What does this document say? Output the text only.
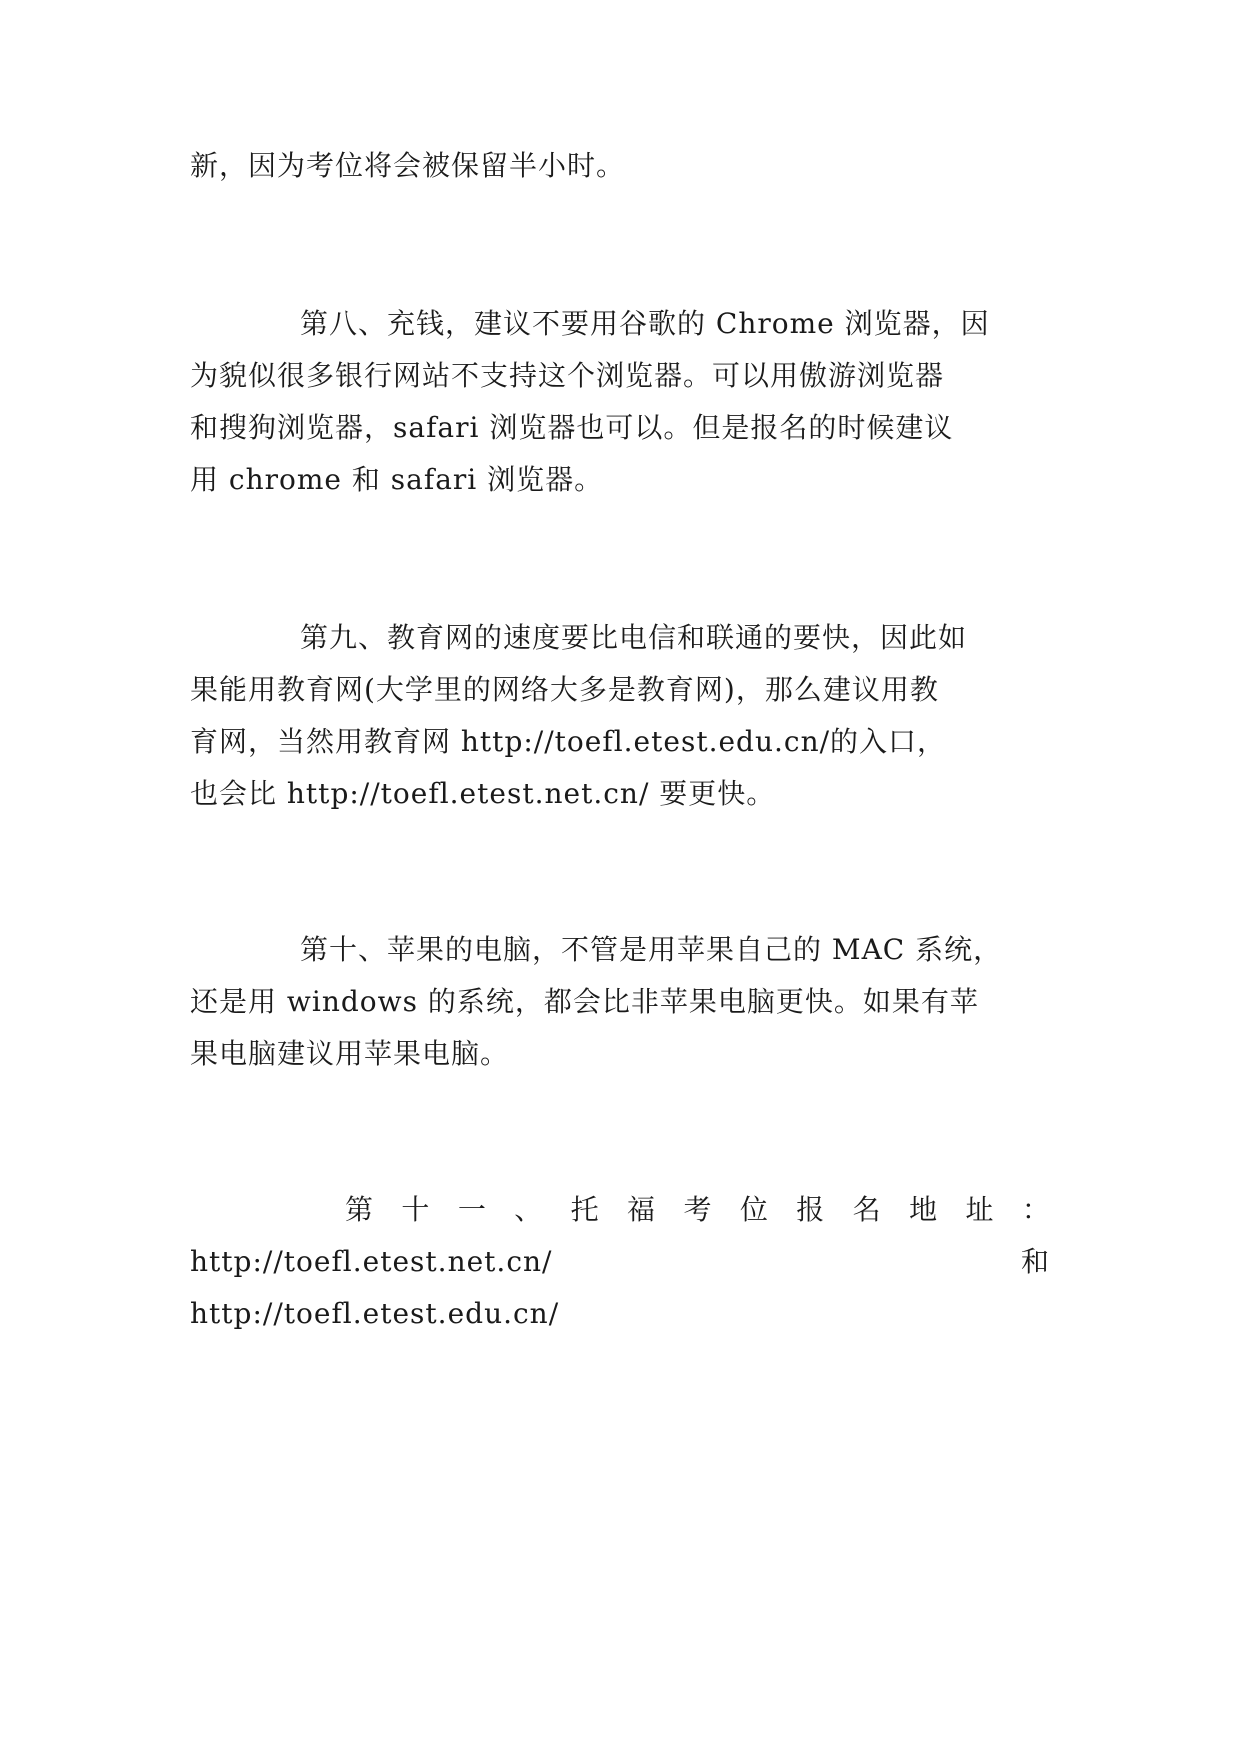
新，因为考位将会被保留半小时。
第八、充钱，建议不要用谷歌的 Chrome 浏览器，因
为貌似很多银行网站不支持这个浏览器。可以用傲游浏览器
和搜狗浏览器，safari 浏览器也可以。但是报名的时候建议
用 chrome 和 safari 浏览器。
第九、教育网的速度要比电信和联通的要快，因此如
果能用教育网(大学里的网络大多是教育网)，那么建议用教
育网，当然用教育网 http://toefl.etest.edu.cn/的入口，
也会比 http://toefl.etest.net.cn/ 要更快。
第十、苹果的电脑，不管是用苹果自己的 MAC 系统，
还是用 windows 的系统，都会比非苹果电脑更快。如果有苹
果电脑建议用苹果电脑。
第 十 一 、 托 福 考 位 报 名 地 址 ：
http://toefl.etest.net.cn/	和
http://toefl.etest.edu.cn/
